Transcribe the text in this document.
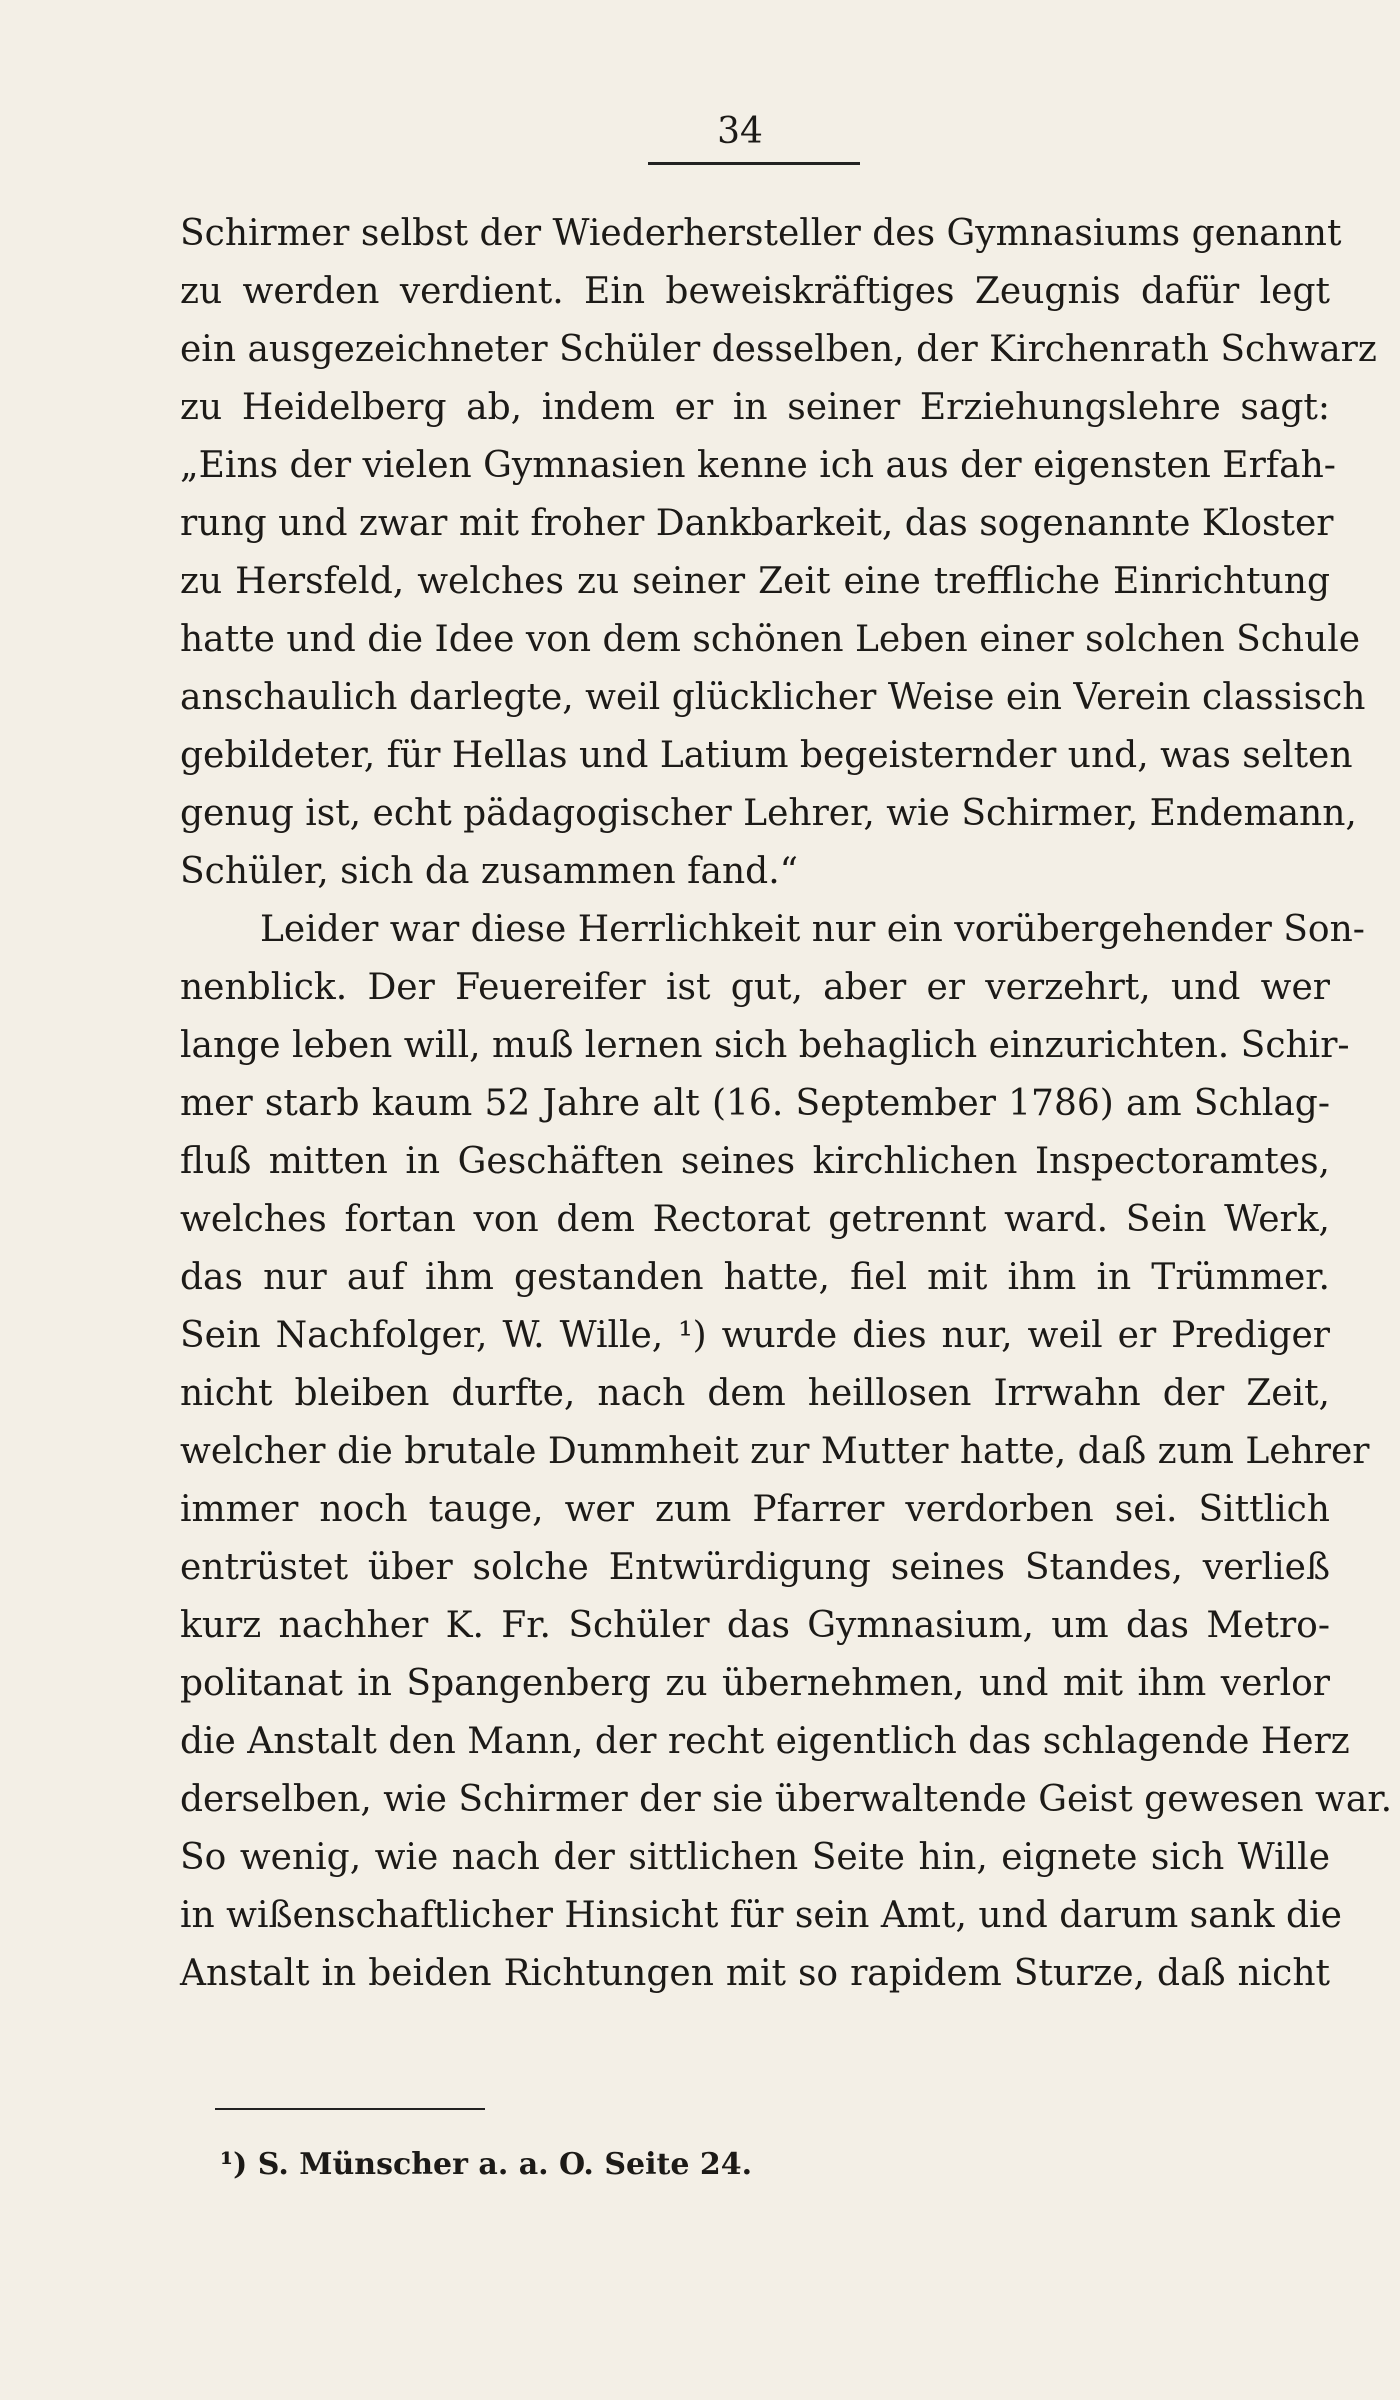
34
Schirmer selbst der Wiederhersteller des Gymnasiums genannt
zu werden verdient. Ein beweiskräftiges Zeugnis dafür legt
ein ausgezeichneter Schüler desselben, der Kirchenrath Schwarz
zu Heidelberg ab, indem er in seiner Erziehungslehre sagt:
„Eins der vielen Gymnasien kenne ich aus der eigensten Erfah-
rung und zwar mit froher Dankbarkeit, das sogenannte Kloster
zu Hersfeld, welches zu seiner Zeit eine treffliche Einrichtung
hatte und die Idee von dem schönen Leben einer solchen Schule
anschaulich darlegte, weil glücklicher Weise ein Verein classisch
gebildeter, für Hellas und Latium begeisternder und, was selten
genug ist, echt pädagogischer Lehrer, wie Schirmer, Endemann,
Schüler, sich da zusammen fand.“
Leider war diese Herrlichkeit nur ein vorübergehender Son-
nenblick. Der Feuereifer ist gut, aber er verzehrt, und wer
lange leben will, muß lernen sich behaglich einzurichten. Schir-
mer starb kaum 52 Jahre alt (16. September 1786) am Schlag-
fluß mitten in Geschäften seines kirchlichen Inspectoramtes,
welches fortan von dem Rectorat getrennt ward. Sein Werk,
das nur auf ihm gestanden hatte, fiel mit ihm in Trümmer.
Sein Nachfolger, W. Wille, ¹) wurde dies nur, weil er Prediger
nicht bleiben durfte, nach dem heillosen Irrwahn der Zeit,
welcher die brutale Dummheit zur Mutter hatte, daß zum Lehrer
immer noch tauge, wer zum Pfarrer verdorben sei. Sittlich
entrüstet über solche Entwürdigung seines Standes, verließ
kurz nachher K. Fr. Schüler das Gymnasium, um das Metro-
politanat in Spangenberg zu übernehmen, und mit ihm verlor
die Anstalt den Mann, der recht eigentlich das schlagende Herz
derselben, wie Schirmer der sie überwaltende Geist gewesen war.
So wenig, wie nach der sittlichen Seite hin, eignete sich Wille
in wißenschaftlicher Hinsicht für sein Amt, und darum sank die
Anstalt in beiden Richtungen mit so rapidem Sturze, daß nicht
¹) S. Münscher a. a. O. Seite 24.
